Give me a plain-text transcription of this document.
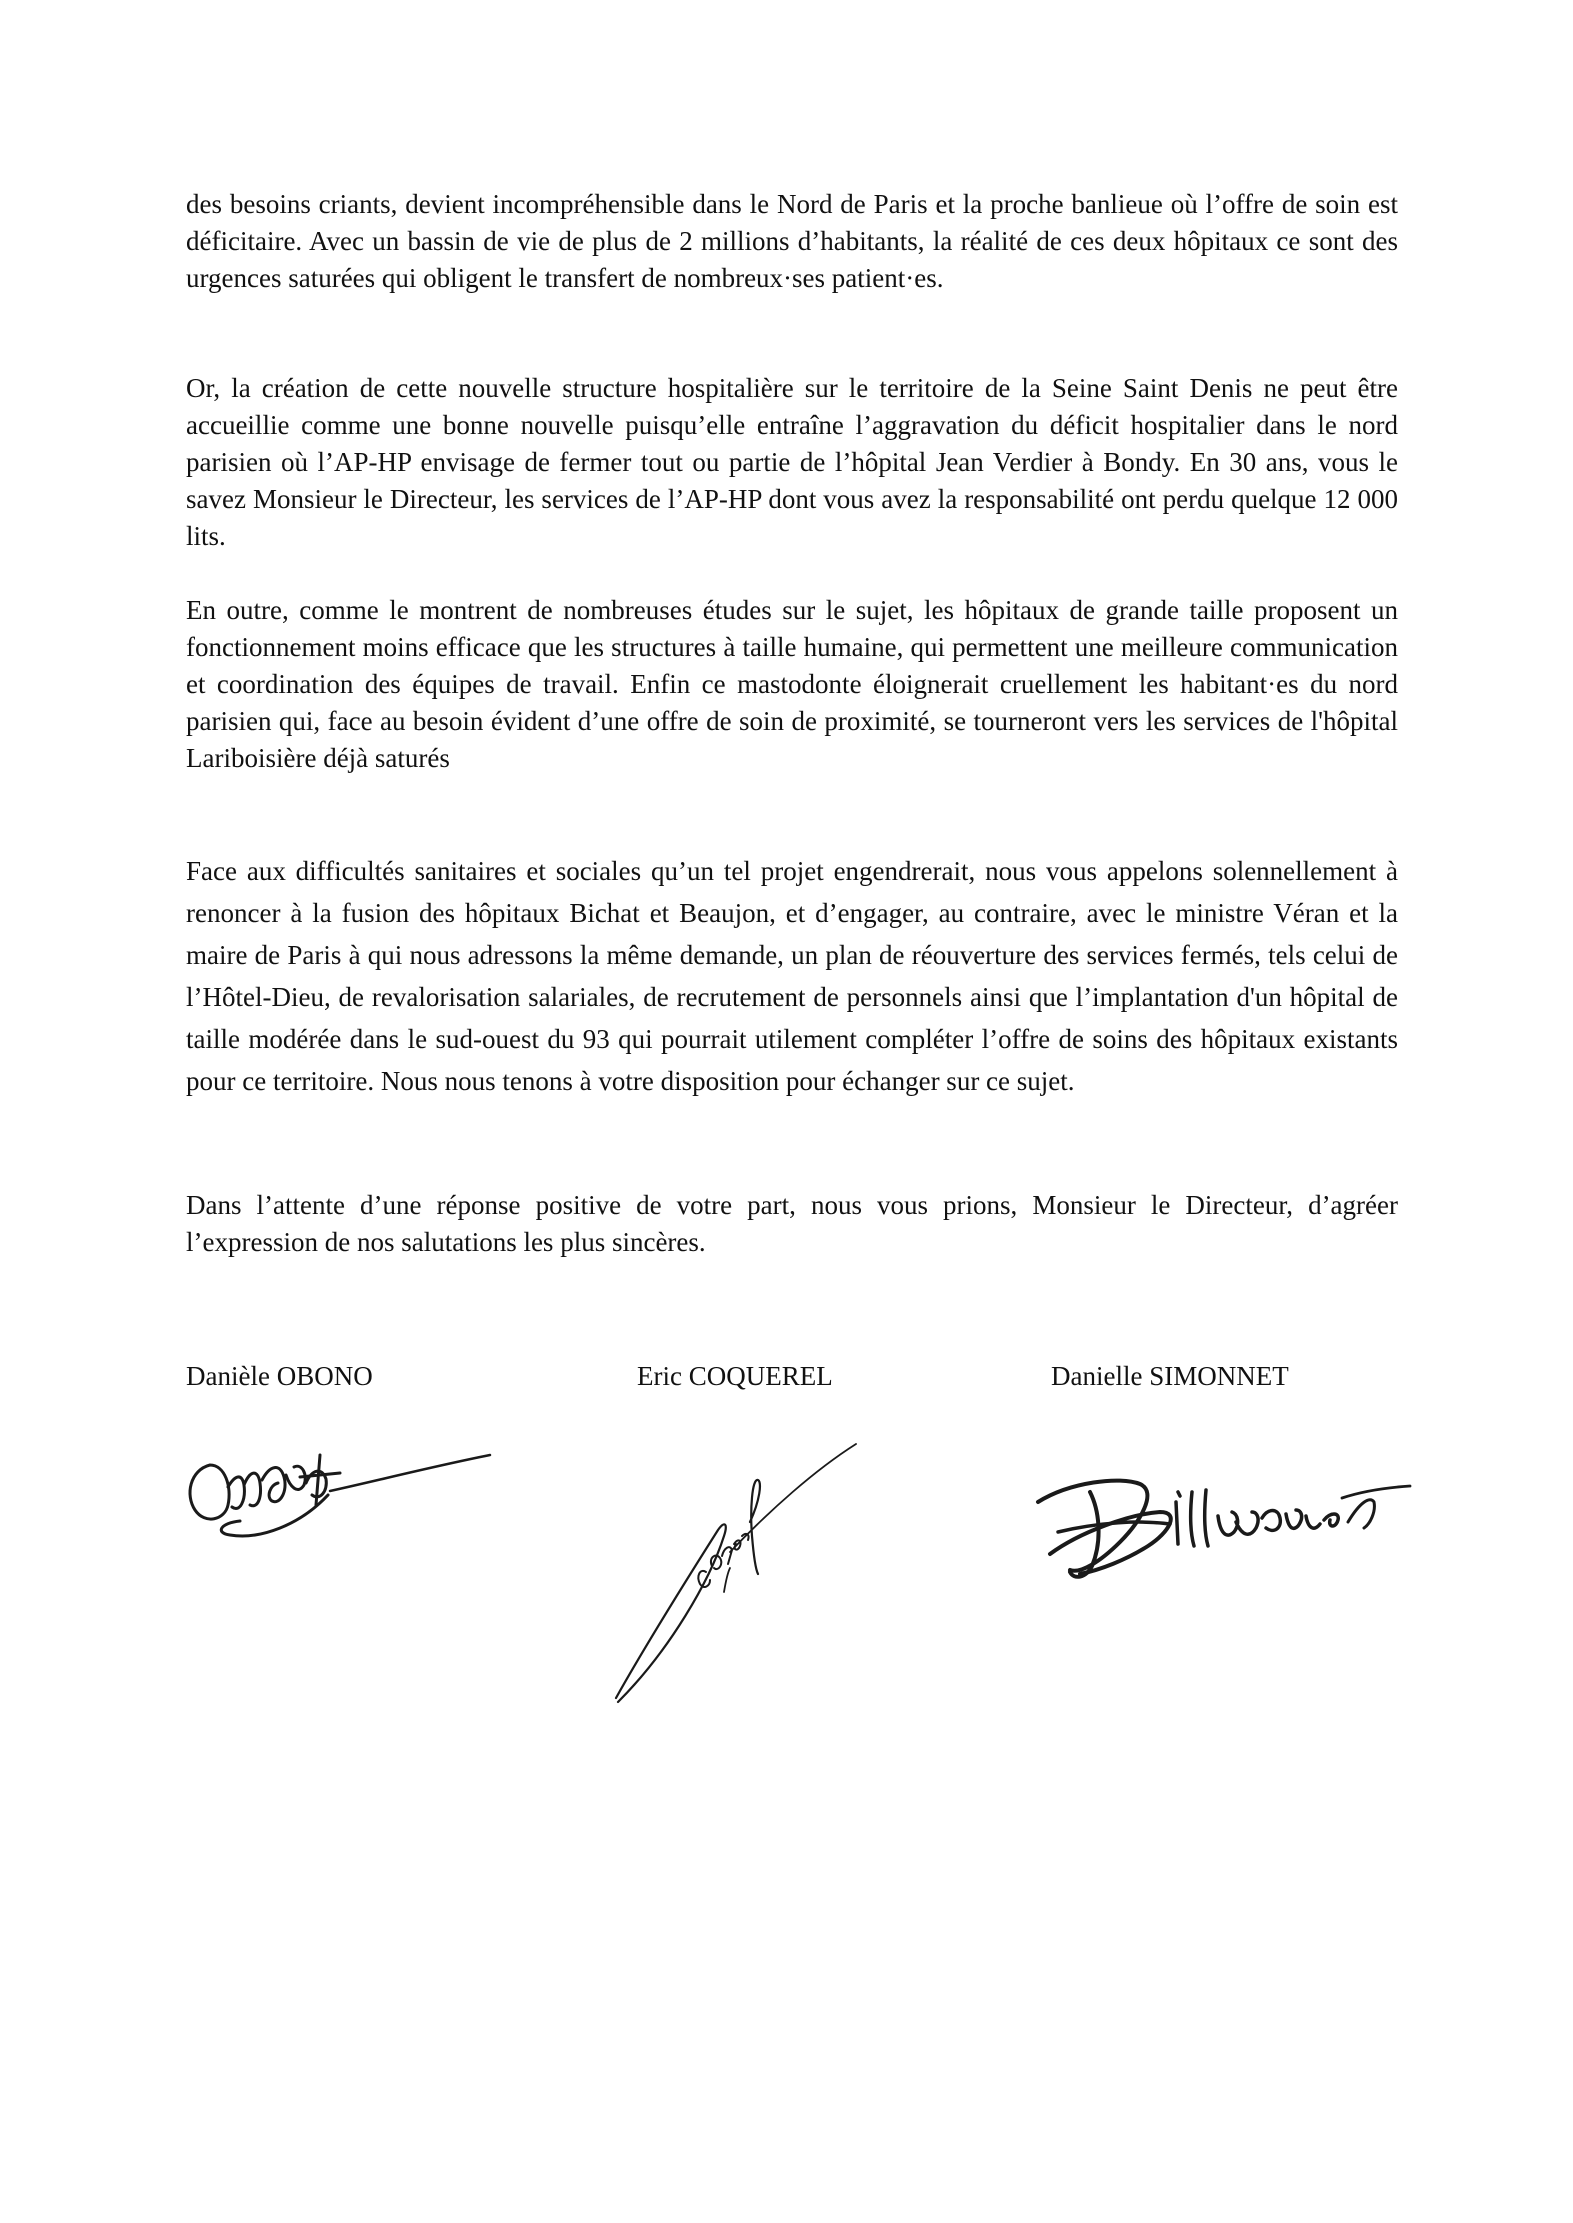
des besoins criants, devient incompréhensible dans le Nord de Paris et la proche banlieue où l’offre de soin est déficitaire. Avec un bassin de vie de plus de 2 millions d’habitants, la réalité de ces deux hôpitaux ce sont des urgences saturées qui obligent le transfert de nombreux·ses patient·es.

Or, la création de cette nouvelle structure hospitalière sur le territoire de la Seine Saint Denis ne peut être accueillie comme une bonne nouvelle puisqu’elle entraîne l’aggravation du déficit hospitalier dans le nord parisien où l’AP-HP envisage de fermer tout ou partie de l’hôpital Jean Verdier à Bondy. En 30 ans, vous le savez Monsieur le Directeur, les services de l’AP-HP dont vous avez la responsabilité ont perdu quelque 12 000 lits.

En outre, comme le montrent de nombreuses études sur le sujet, les hôpitaux de grande taille proposent un fonctionnement moins efficace que les structures à taille humaine, qui permettent une meilleure communication et coordination des équipes de travail. Enfin ce mastodonte éloignerait cruellement les habitant·es du nord parisien qui, face au besoin évident d’une offre de soin de proximité, se tourneront vers les services de l'hôpital Lariboisière déjà saturés

Face aux difficultés sanitaires et sociales qu’un tel projet engendrerait, nous vous appelons solennellement à renoncer à la fusion des hôpitaux Bichat et Beaujon, et d’engager, au contraire, avec le ministre Véran et la maire de Paris à qui nous adressons la même demande, un plan de réouverture des services fermés, tels celui de l’Hôtel-Dieu, de revalorisation salariales, de recrutement de personnels ainsi que l’implantation d'un hôpital de taille modérée dans le sud-ouest du 93 qui pourrait utilement compléter l’offre de soins des hôpitaux existants pour ce territoire. Nous nous tenons à votre disposition pour échanger sur ce sujet.

Dans l’attente d’une réponse positive de votre part, nous vous prions, Monsieur le Directeur, d’agréer l’expression de nos salutations les plus sincères.

Danièle OBONO	Eric COQUEREL	Danielle SIMONNET
